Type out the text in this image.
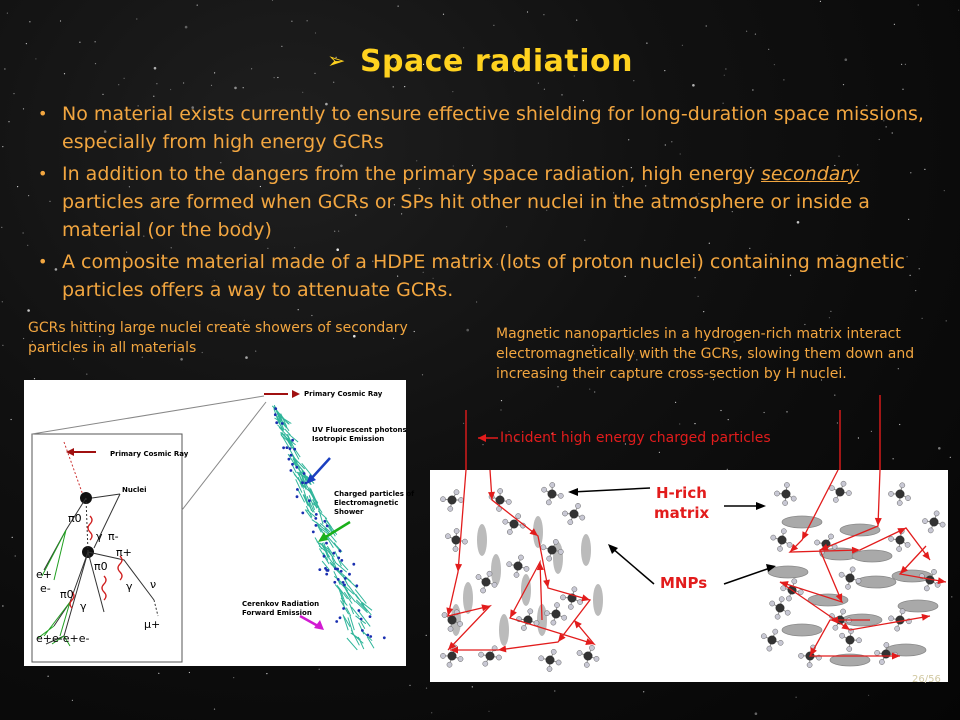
➢ Space radiation
• No material exists currently to ensure effective shielding for long-duration space missions, especially from high energy GCRs
• In addition to the dangers from the primary space radiation, high energy secondary particles are formed when GCRs or SPs hit other nuclei in the atmosphere or inside a material (or the body)
• A composite material made of a HDPE matrix (lots of proton nuclei) containing magnetic particles offers a way to attenuate GCRs.
GCRs hitting large nuclei create showers of secondary particles in all materials
Magnetic nanoparticles in a hydrogen-rich matrix interact electromagnetically with the GCRs, slowing them down and increasing their capture cross-section by H nuclei.
Incident high energy charged particles
Primary Cosmic Ray
Nuclei
π0
π0
π0
π-
π+
γ
γ
γ
ν
μ+
e+
e-
e+e-e+e-
Primary Cosmic Ray
UV Fluorescent photons
Isotropic Emission
Charged particles of
Electromagnetic
Shower
Cerenkov Radiation
Forward Emission
H-rich
matrix
MNPs
26/56
